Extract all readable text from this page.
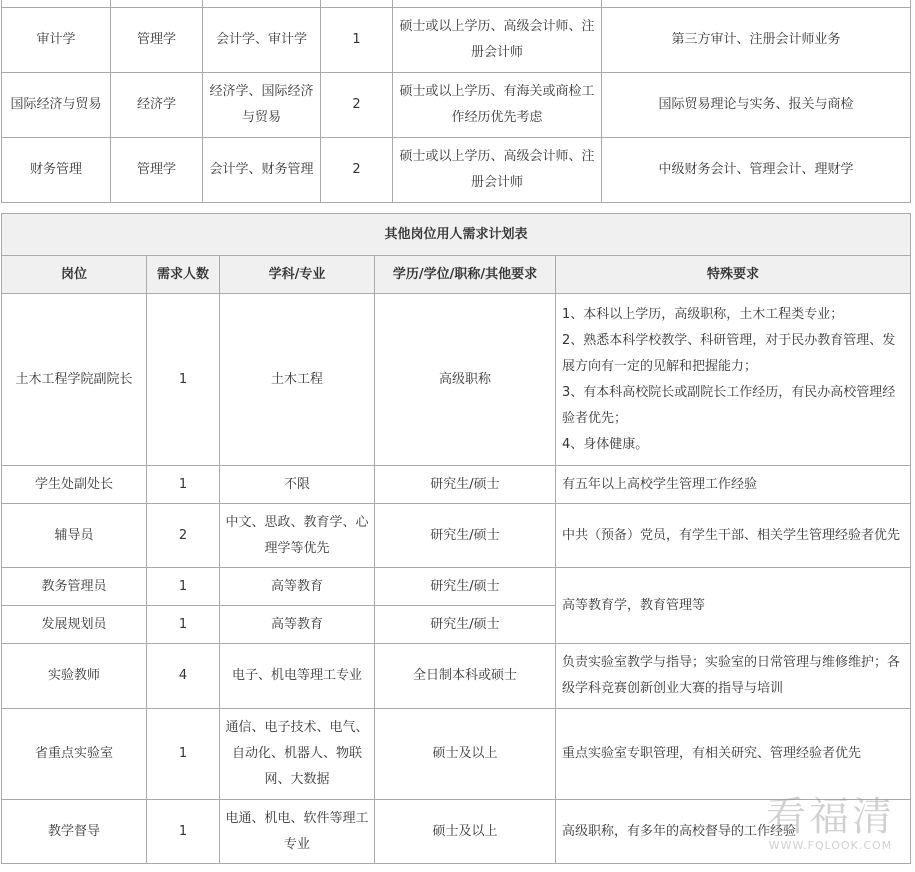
审计学	管理学	会计学、审计学	1	硕士或以上学历、高级会计师、注册会计师	第三方审计、注册会计师业务
国际经济与贸易	经济学	经济学、国际经济与贸易	2	硕士或以上学历、有海关或商检工作经历优先考虑	国际贸易理论与实务、报关与商检
财务管理	管理学	会计学、财务管理	2	硕士或以上学历、高级会计师、注册会计师	中级财务会计、管理会计、理财学
其他岗位用人需求计划表				
岗位	需求人数	学科/专业	学历/学位/职称/其他要求	特殊要求
土木工程学院副院长	1	土木工程	高级职称	1、本科以上学历，高级职称，土木工程类专业；
2、熟悉本科学校教学、科研管理，对于民办教育管理、发展方向有一定的见解和把握能力；
3、有本科高校院长或副院长工作经历，有民办高校管理经验者优先；
4、身体健康。
学生处副处长	1	不限	研究生/硕士	有五年以上高校学生管理工作经验
辅导员	2	中文、思政、教育学、心理学等优先	研究生/硕士	中共（预备）党员，有学生干部、相关学生管理经验者优先
教务管理员	1	高等教育	研究生/硕士	高等教育学，教育管理等
发展规划员	1	高等教育	研究生/硕士	
实验教师	4	电子、机电等理工专业	全日制本科或硕士	负责实验室教学与指导；实验室的日常管理与维修维护；各级学科竞赛创新创业大赛的指导与培训
省重点实验室	1	通信、电子技术、电气、自动化、机器人、物联网、大数据	硕士及以上	重点实验室专职管理，有相关研究、管理经验者优先
教学督导	1	电通、机电、软件等理工专业	硕士及以上	高级职称，有多年的高校督导的工作经验
看福清
WWW.FQLOOK.COM
